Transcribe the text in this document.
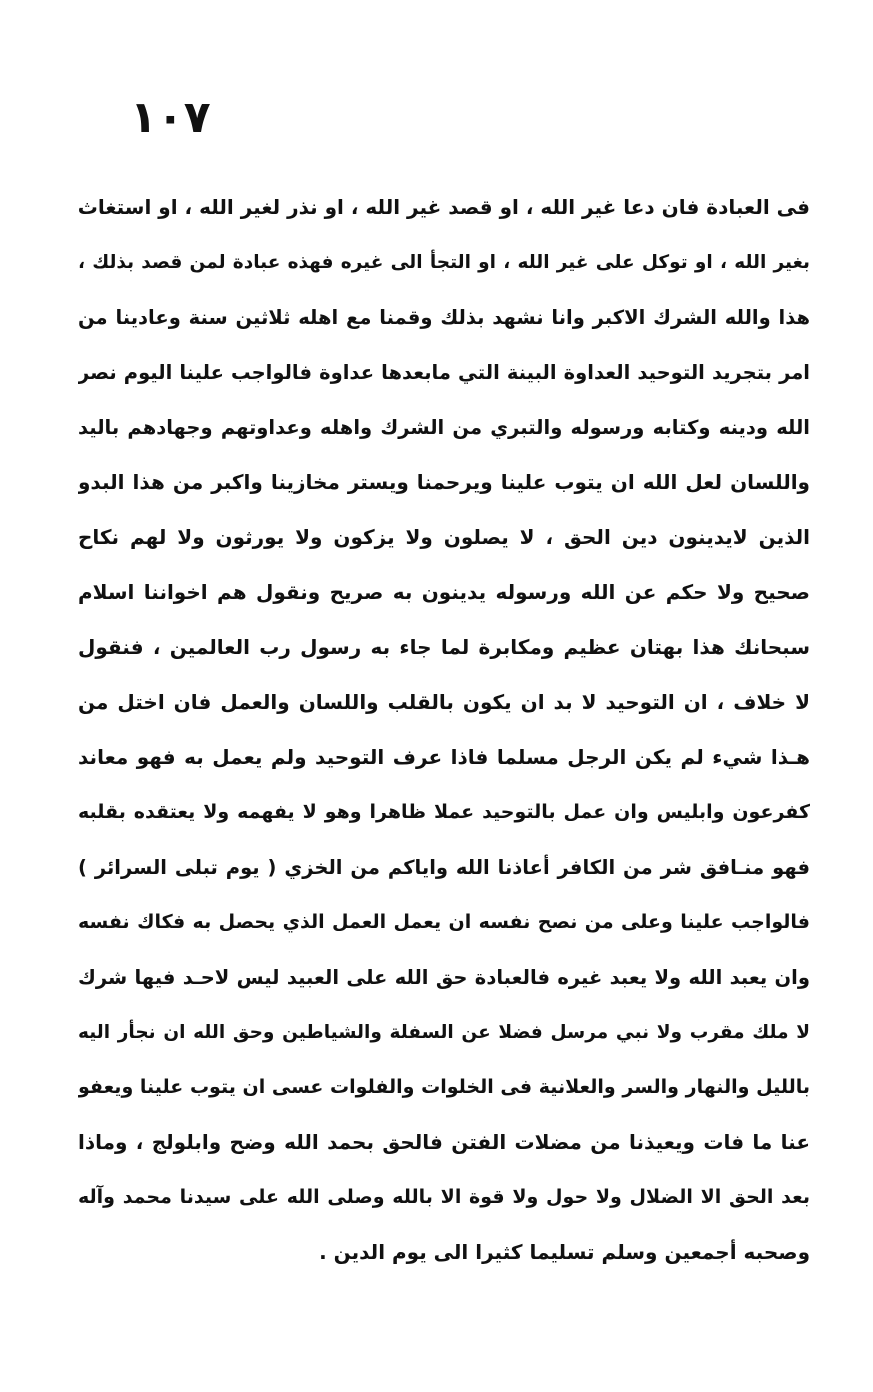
١٠٧
فى العبادة فان دعا غير الله ، او قصد غير الله ، او نذر لغير الله ، او استغاث
بغير الله ، او توكل على غير الله ، او التجأ الى غيره فهذه عبادة لمن قصد بذلك ،
هذا والله الشرك الاكبر وانا نشهد بذلك وقمنا مع اهله ثلاثين سنة وعادينا من
امر بتجريد التوحيد العداوة البينة التي مابعدها عداوة فالواجب علينا اليوم نصر
الله ودينه وكتابه ورسوله والتبري من الشرك واهله وعداوتهم وجهادهم باليد
واللسان لعل الله ان يتوب علينا ويرحمنا ويستر مخازينا واكبر من هذا البدو
الذين لايدينون دين الحق ، لا يصلون ولا يزكون ولا يورثون ولا لهم نكاح
صحيح ولا حكم عن الله ورسوله يدينون به صريح ونقول هم اخواننا اسلام
سبحانك هذا بهتان عظيم ومكابرة لما جاء به رسول رب العالمين ، فنقول
لا خلاف ، ان التوحيد لا بد ان يكون بالقلب واللسان والعمل فان اختل من
هـذا شيء لم يكن الرجل مسلما فاذا عرف التوحيد ولم يعمل به فهو معاند
كفرعون وابليس وان عمل بالتوحيد عملا ظاهرا وهو لا يفهمه ولا يعتقده بقلبه
فهو منـافق شر من الكافر أعاذنا الله واياكم من الخزي ( يوم تبلى السرائر )
فالواجب علينا وعلى من نصح نفسه ان يعمل العمل الذي يحصل به فكاك نفسه
وان يعبد الله ولا يعبد غيره فالعبادة حق الله على العبيد ليس لاحـد فيها شرك
لا ملك مقرب ولا نبي مرسل فضلا عن السفلة والشياطين وحق الله ان نجأر اليه
بالليل والنهار والسر والعلانية فى الخلوات والفلوات عسى ان يتوب علينا ويعفو
عنا ما فات ويعيذنا من مضلات الفتن فالحق بحمد الله وضح وابلولج ، وماذا
بعد الحق الا الضلال ولا حول ولا قوة الا بالله وصلى الله على سيدنا محمد وآله
وصحبه أجمعين وسلم تسليما كثيرا الى يوم الدين .
